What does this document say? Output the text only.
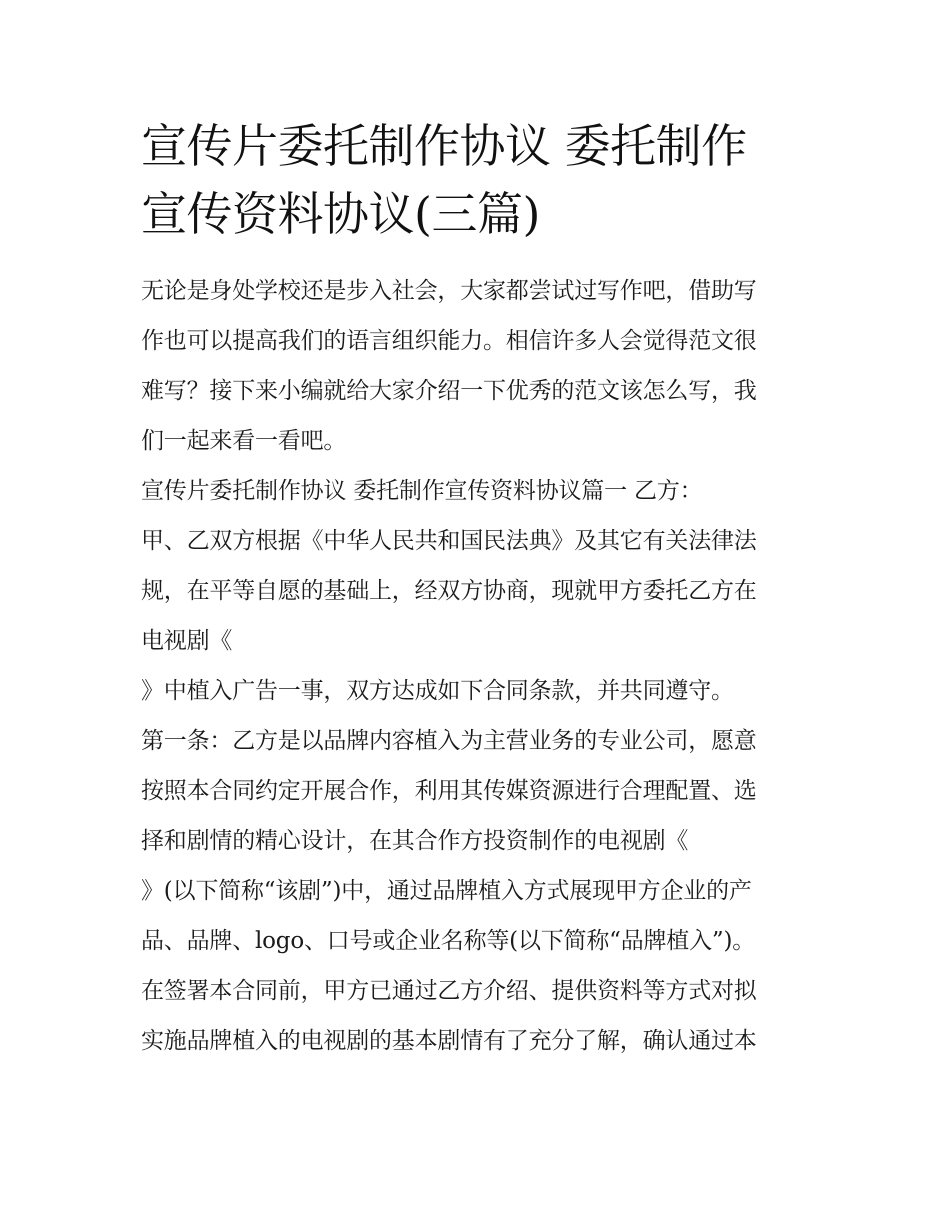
宣传片委托制作协议 委托制作
宣传资料协议(三篇)

无论是身处学校还是步入社会，大家都尝试过写作吧，借助写
作也可以提高我们的语言组织能力。相信许多人会觉得范文很
难写？接下来小编就给大家介绍一下优秀的范文该怎么写，我
们一起来看一看吧。

宣传片委托制作协议 委托制作宣传资料协议篇一 乙方：

甲、乙双方根据《中华人民共和国民法典》及其它有关法律法
规，在平等自愿的基础上，经双方协商，现就甲方委托乙方在
电视剧《

》中植入广告一事，双方达成如下合同条款，并共同遵守。

第一条：乙方是以品牌内容植入为主营业务的专业公司，愿意
按照本合同约定开展合作，利用其传媒资源进行合理配置、选
择和剧情的精心设计，在其合作方投资制作的电视剧《

》(以下简称“该剧”)中，通过品牌植入方式展现甲方企业的产
品、品牌、logo、口号或企业名称等(以下简称“品牌植入”)。

在签署本合同前，甲方已通过乙方介绍、提供资料等方式对拟
实施品牌植入的电视剧的基本剧情有了充分了解，确认通过本
